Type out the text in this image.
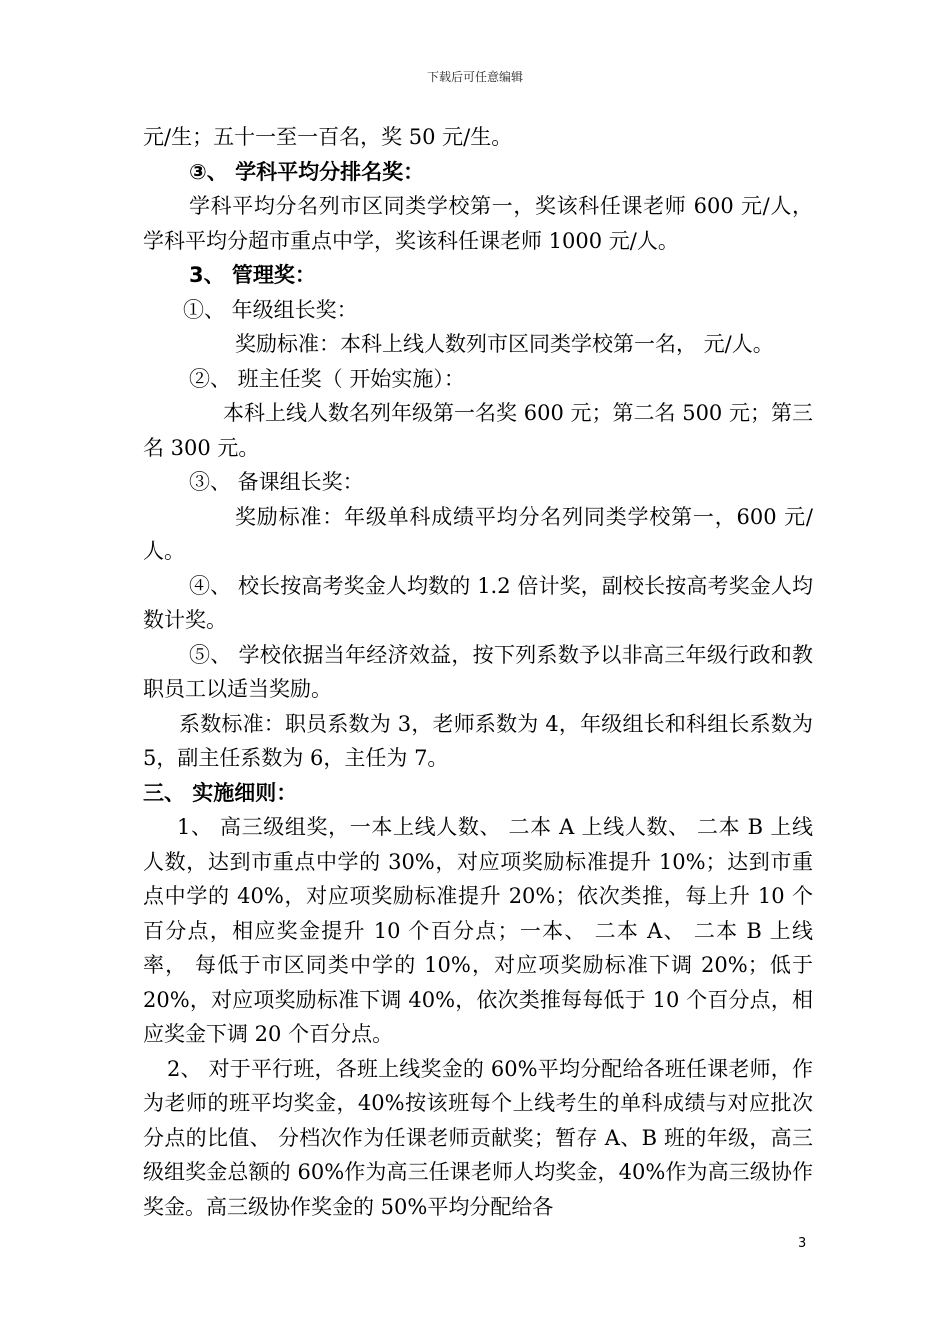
下载后可任意编辑

元/生；五十一至一百名，奖 50 元/生。

③、 学科平均分排名奖：

学科平均分名列市区同类学校第一，奖该科任课老师 600 元/人，学科平均分超市重点中学，奖该科任课老师 1000 元/人。

3、 管理奖：

①、 年级组长奖：

奖励标准：本科上线人数列市区同类学校第一名， 元/人。

②、 班主任奖（ 开始实施）：

本科上线人数名列年级第一名奖 600 元；第二名 500 元；第三名 300 元。

③、 备课组长奖：

奖励标准：年级单科成绩平均分名列同类学校第一，600 元/人。

④、 校长按高考奖金人均数的 1.2 倍计奖，副校长按高考奖金人均数计奖。

⑤、 学校依据当年经济效益，按下列系数予以非高三年级行政和教职员工以适当奖励。

系数标准：职员系数为 3，老师系数为 4，年级组长和科组长系数为 5，副主任系数为 6，主任为 7。

三、 实施细则：

1、 高三级组奖，一本上线人数、 二本 A 上线人数、 二本 B 上线人数，达到市重点中学的 30%，对应项奖励标准提升 10%；达到市重点中学的 40%，对应项奖励标准提升 20%；依次类推，每上升 10 个百分点，相应奖金提升 10 个百分点；一本、 二本 A、 二本 B 上线率， 每低于市区同类中学的 10%，对应项奖励标准下调 20%；低于 20%，对应项奖励标准下调 40%，依次类推每每低于 10 个百分点，相应奖金下调 20 个百分点。

2、 对于平行班，各班上线奖金的 60%平均分配给各班任课老师，作为老师的班平均奖金，40%按该班每个上线考生的单科成绩与对应批次分点的比值、 分档次作为任课老师贡献奖；暂存 A、B 班的年级，高三级组奖金总额的 60%作为高三任课老师人均奖金，40%作为高三级协作奖金。高三级协作奖金的 50%平均分配给各

3
